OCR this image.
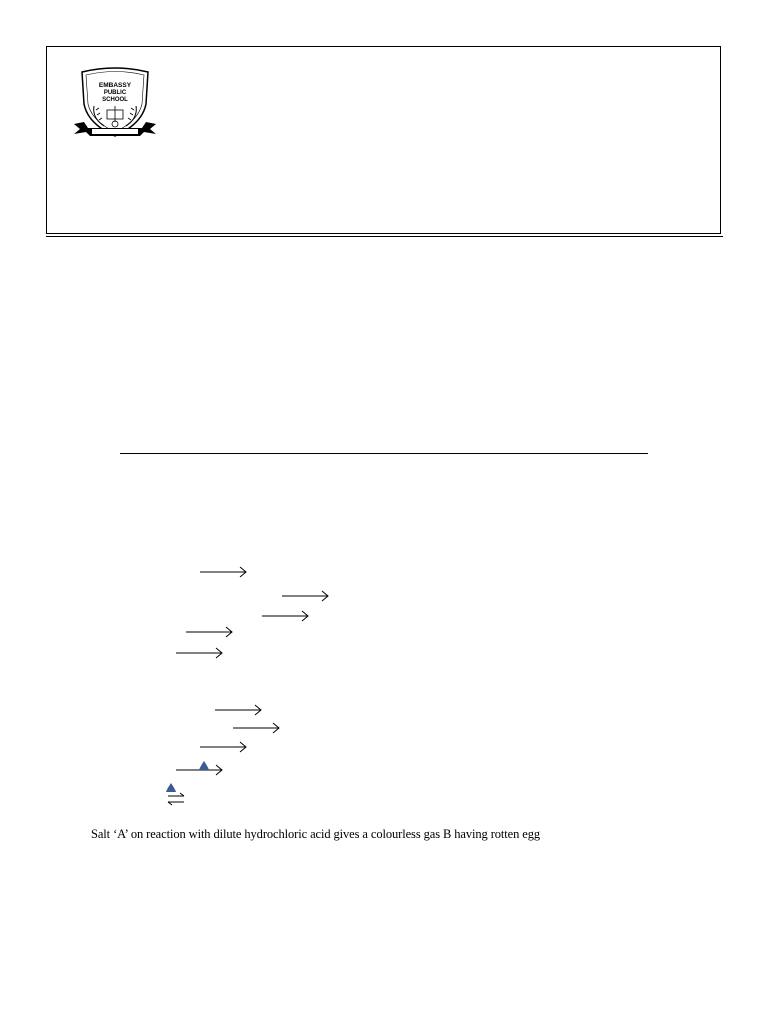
EMBASSY
PUBLIC
SCHOOL
Salt ‘A’ on reaction with dilute hydrochloric acid gives a colourless gas B having rotten egg
